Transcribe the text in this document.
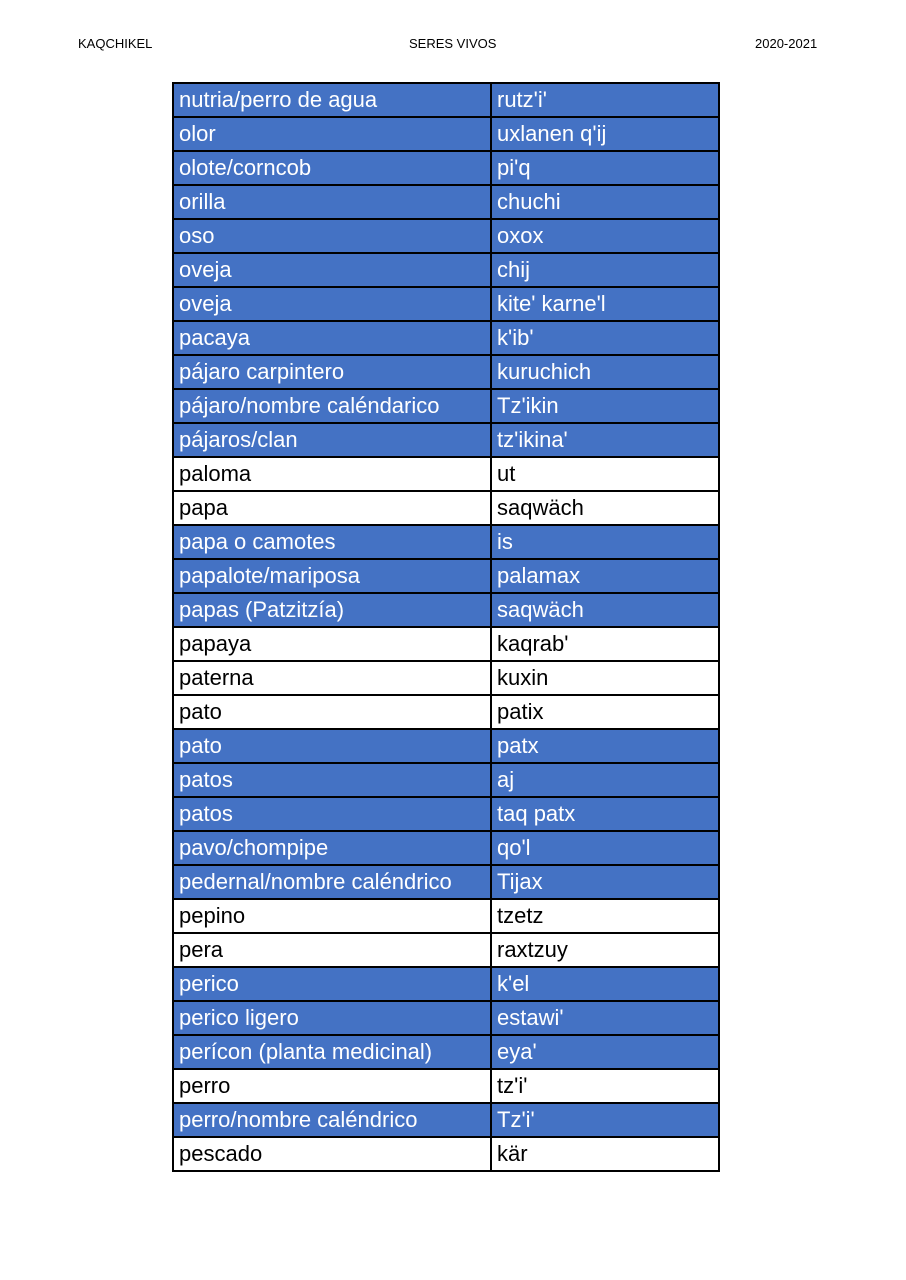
KAQCHIKEL	SERES VIVOS	2020-2021
nutria/perro de agua	rutz'i'
olor	uxlanen q'ij
olote/corncob	pi'q
orilla	chuchi
oso	oxox
oveja	chij
oveja	kite' karne'l
pacaya	k'ib'
pájaro carpintero	kuruchich
pájaro/nombre caléndarico	Tz'ikin
pájaros/clan	tz'ikina'
paloma	ut
papa	saqwäch
papa o camotes	is
papalote/mariposa	palamax
papas (Patzitzía)	saqwäch
papaya	kaqrab'
paterna	kuxin
pato	patix
pato	patx
patos	aj
patos	taq patx
pavo/chompipe	qo'l
pedernal/nombre caléndrico	Tijax
pepino	tzetz
pera	raxtzuy
perico	k'el
perico ligero	estawi'
perícon (planta medicinal)	eya'
perro	tz'i'
perro/nombre caléndrico	Tz'i'
pescado	kär
